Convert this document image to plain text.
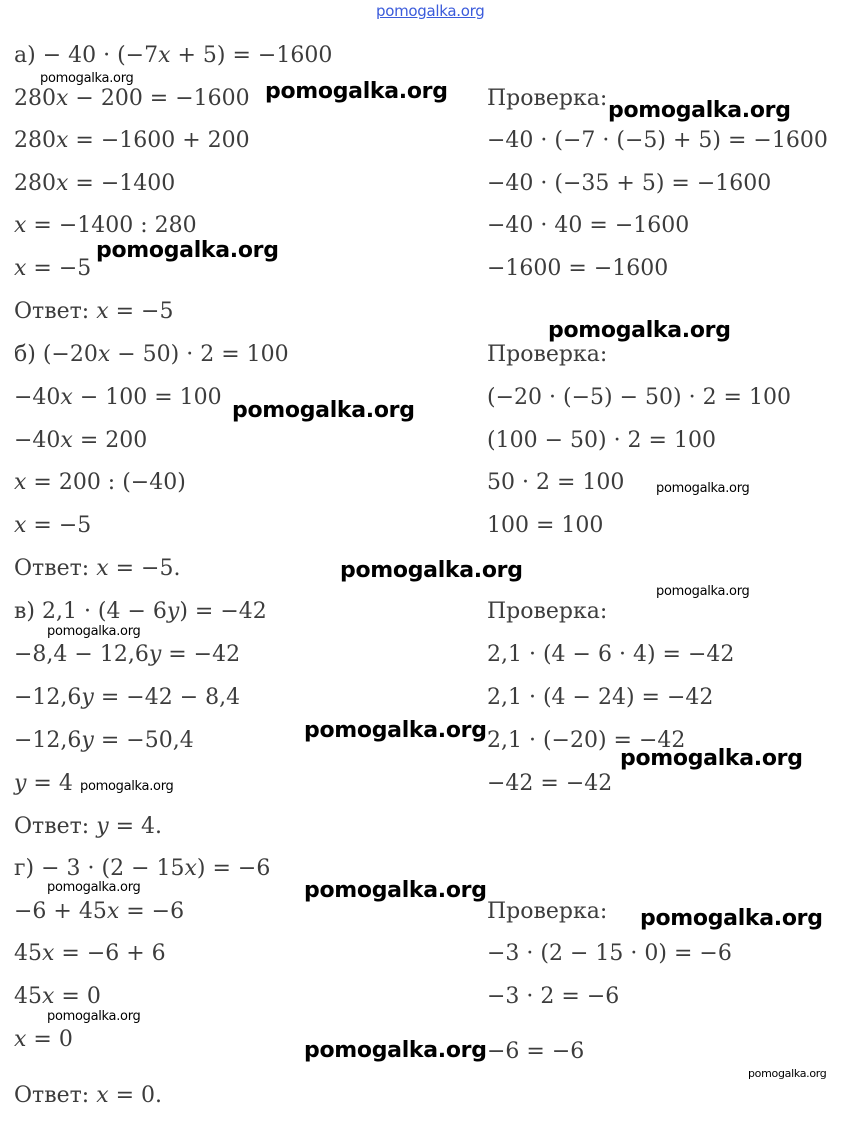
pomogalka.org
а) − 40 · (−7𝑥 + 5) = −1600
280𝑥 − 200 = −1600
280𝑥 = −1600 + 200
280𝑥 = −1400
𝑥 = −1400 : 280
𝑥 = −5
Ответ: 𝑥 = −5
Проверка:
−40 · (−7 · (−5) + 5) = −1600
−40 · (−35 + 5) = −1600
−40 · 40 = −1600
−1600 = −1600
б) (−20𝑥 − 50) · 2 = 100
−40𝑥 − 100 = 100
−40𝑥 = 200
𝑥 = 200 : (−40)
𝑥 = −5
Ответ: 𝑥 = −5.
Проверка:
(−20 · (−5) − 50) · 2 = 100
(100 − 50) · 2 = 100
50 · 2 = 100
100 = 100
в) 2,1 · (4 − 6𝑦) = −42
−8,4 − 12,6𝑦 = −42
−12,6𝑦 = −42 − 8,4
−12,6𝑦 = −50,4
𝑦 = 4
Ответ: 𝑦 = 4.
Проверка:
2,1 · (4 − 6 · 4) = −42
2,1 · (4 − 24) = −42
2,1 · (−20) = −42
−42 = −42
г) − 3 · (2 − 15𝑥) = −6
−6 + 45𝑥 = −6
45𝑥 = −6 + 6
45𝑥 = 0
𝑥 = 0
Ответ: 𝑥 = 0.
Проверка:
−3 · (2 − 15 · 0) = −6
−3 · 2 = −6
−6 = −6
pomogalka.org
pomogalka.org
pomogalka.org
pomogalka.org
pomogalka.org
pomogalka.org
pomogalka.org
pomogalka.org
pomogalka.org
pomogalka.org
pomogalka.org
pomogalka.org
pomogalka.org
pomogalka.org	pomogalka.org
pomogalka.org
pomogalka.org
pomogalka.org
pomogalka.org
